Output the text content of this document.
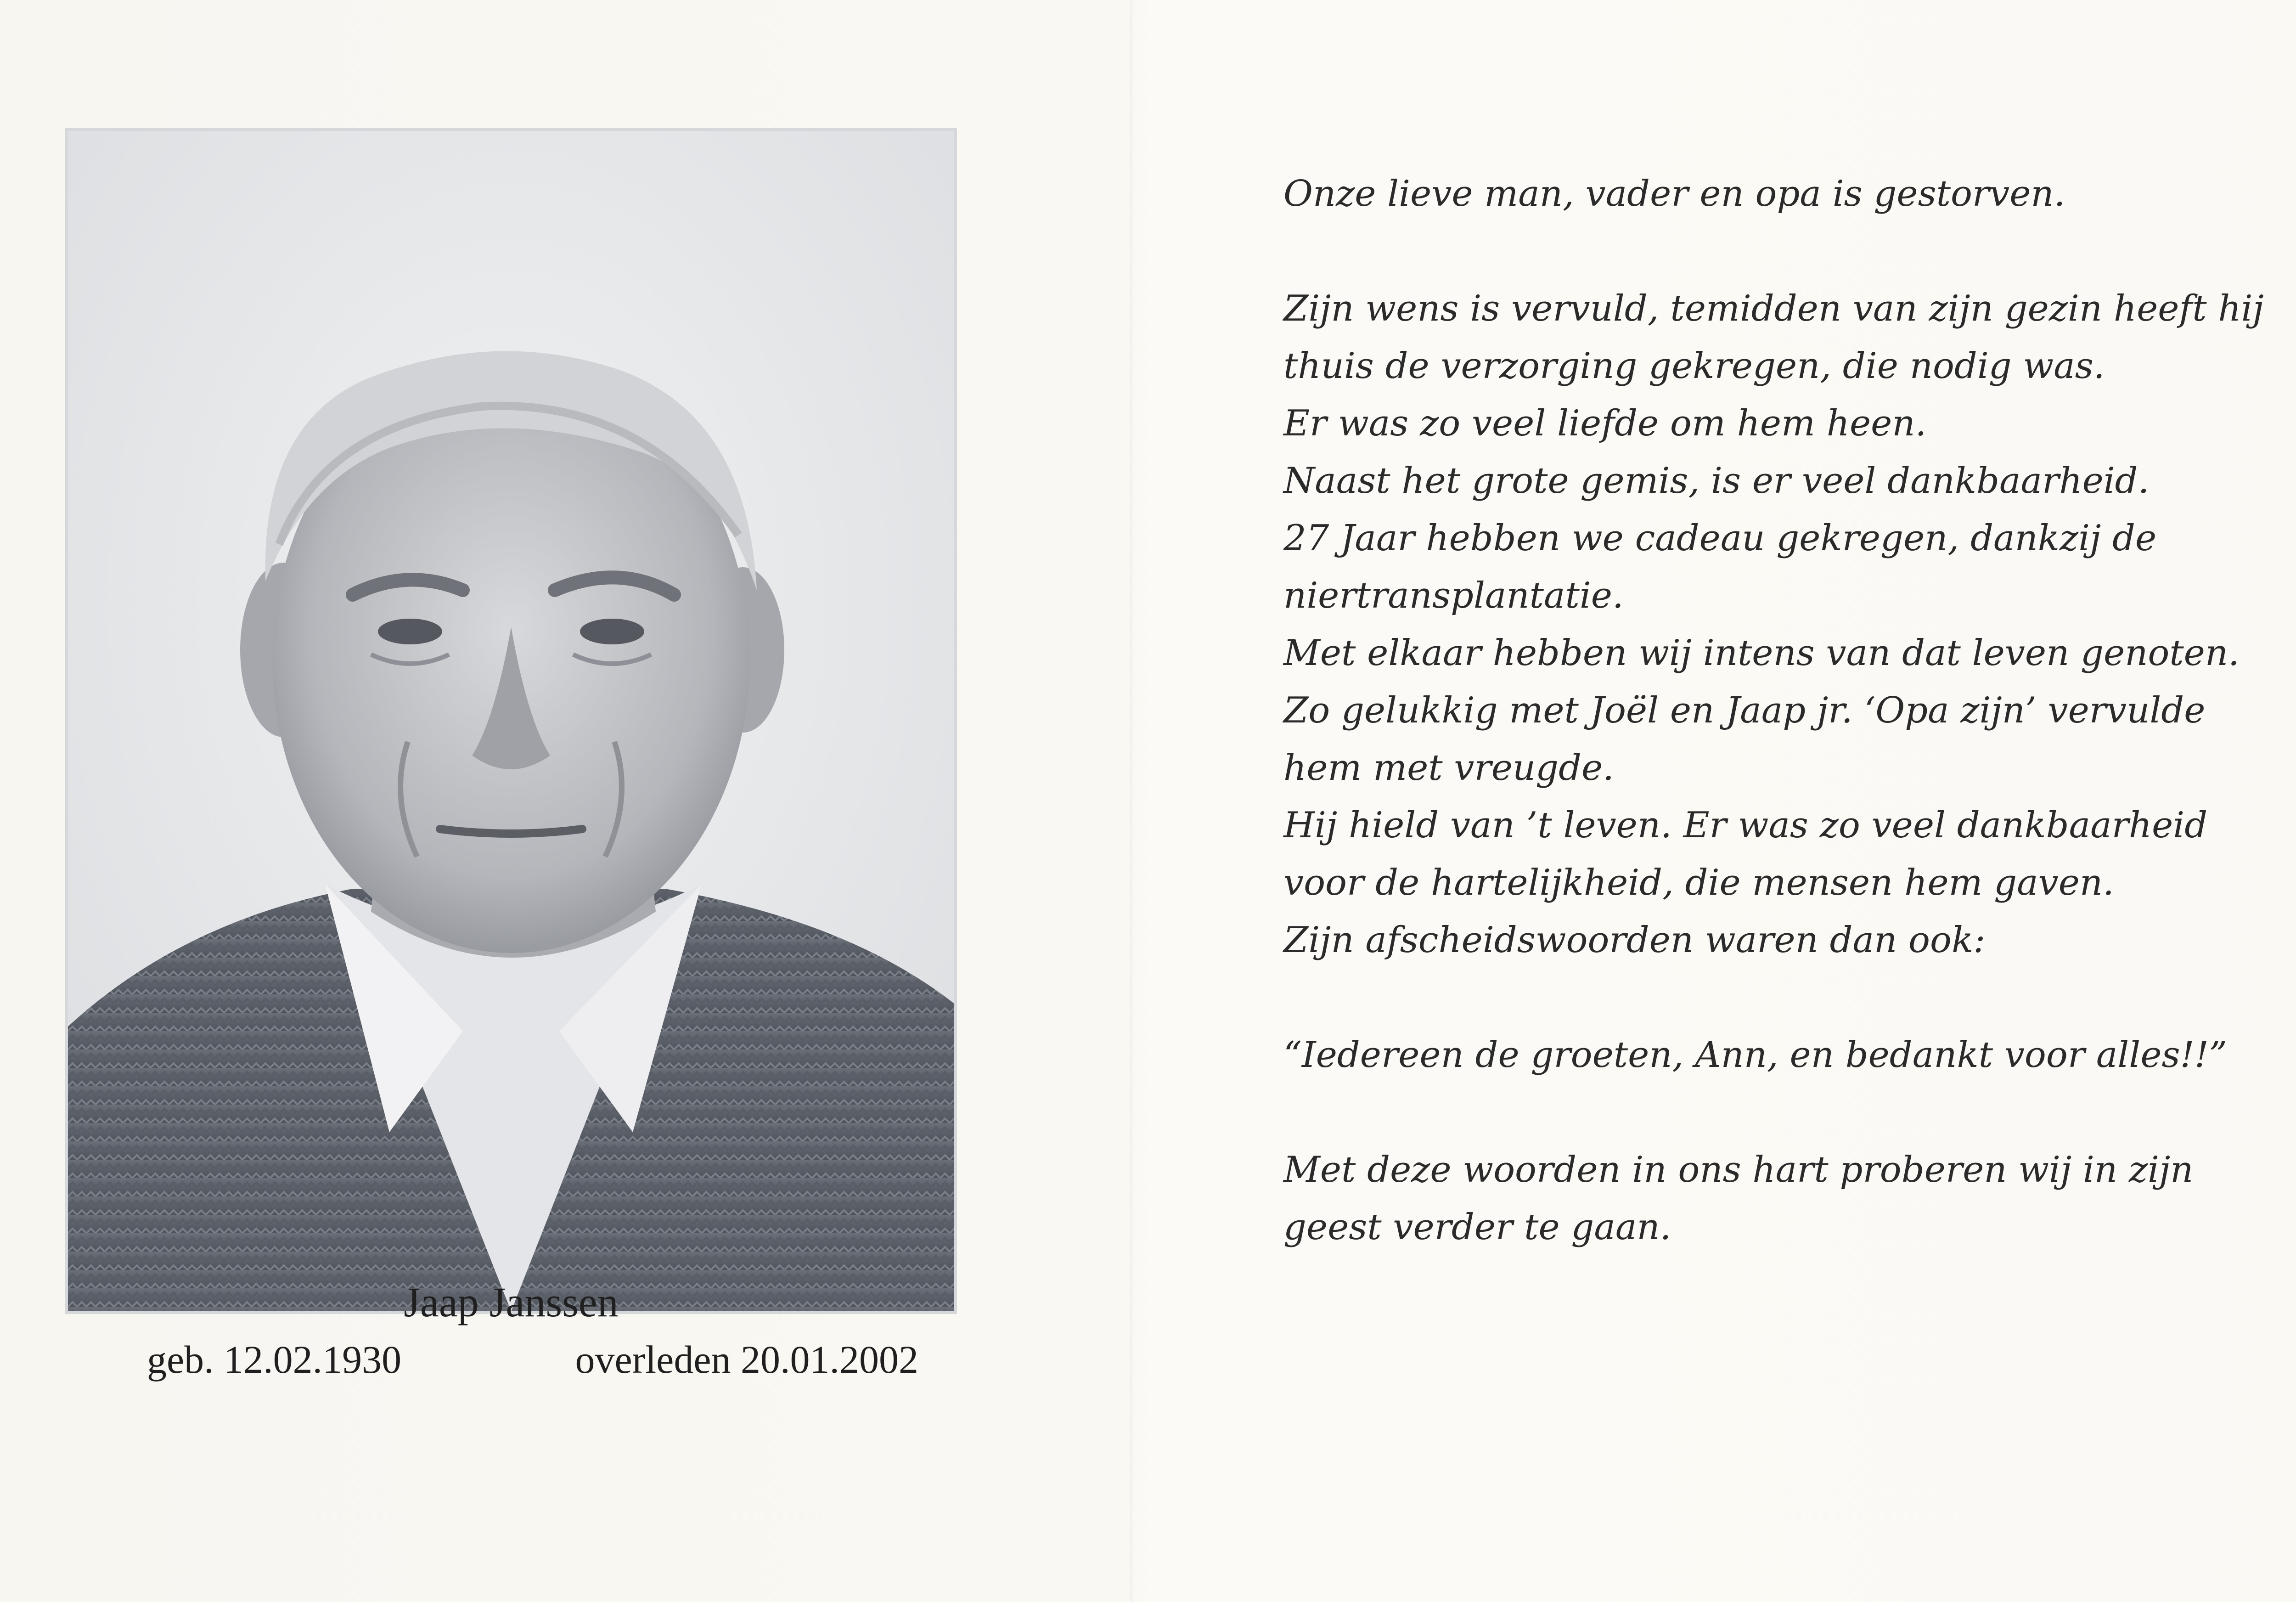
Jaap Janssen
geb. 12.02.1930	overleden 20.01.2002

Onze lieve man, vader en opa is gestorven.

Zijn wens is vervuld, temidden van zijn gezin heeft hij

thuis de verzorging gekregen, die nodig was.

Er was zo veel liefde om hem heen.

Naast het grote gemis, is er veel dankbaarheid.

27 Jaar hebben we cadeau gekregen, dankzij de

niertransplantatie.

Met elkaar hebben wij intens van dat leven genoten.

Zo gelukkig met Joël en Jaap jr. ‘Opa zijn’ vervulde

hem met vreugde.

Hij hield van ’t leven. Er was zo veel dankbaarheid

voor de hartelijkheid, die mensen hem gaven.

Zijn afscheidswoorden waren dan ook:

“Iedereen de groeten, Ann, en bedankt voor alles!!”

Met deze woorden in ons hart proberen wij in zijn

geest verder te gaan.
